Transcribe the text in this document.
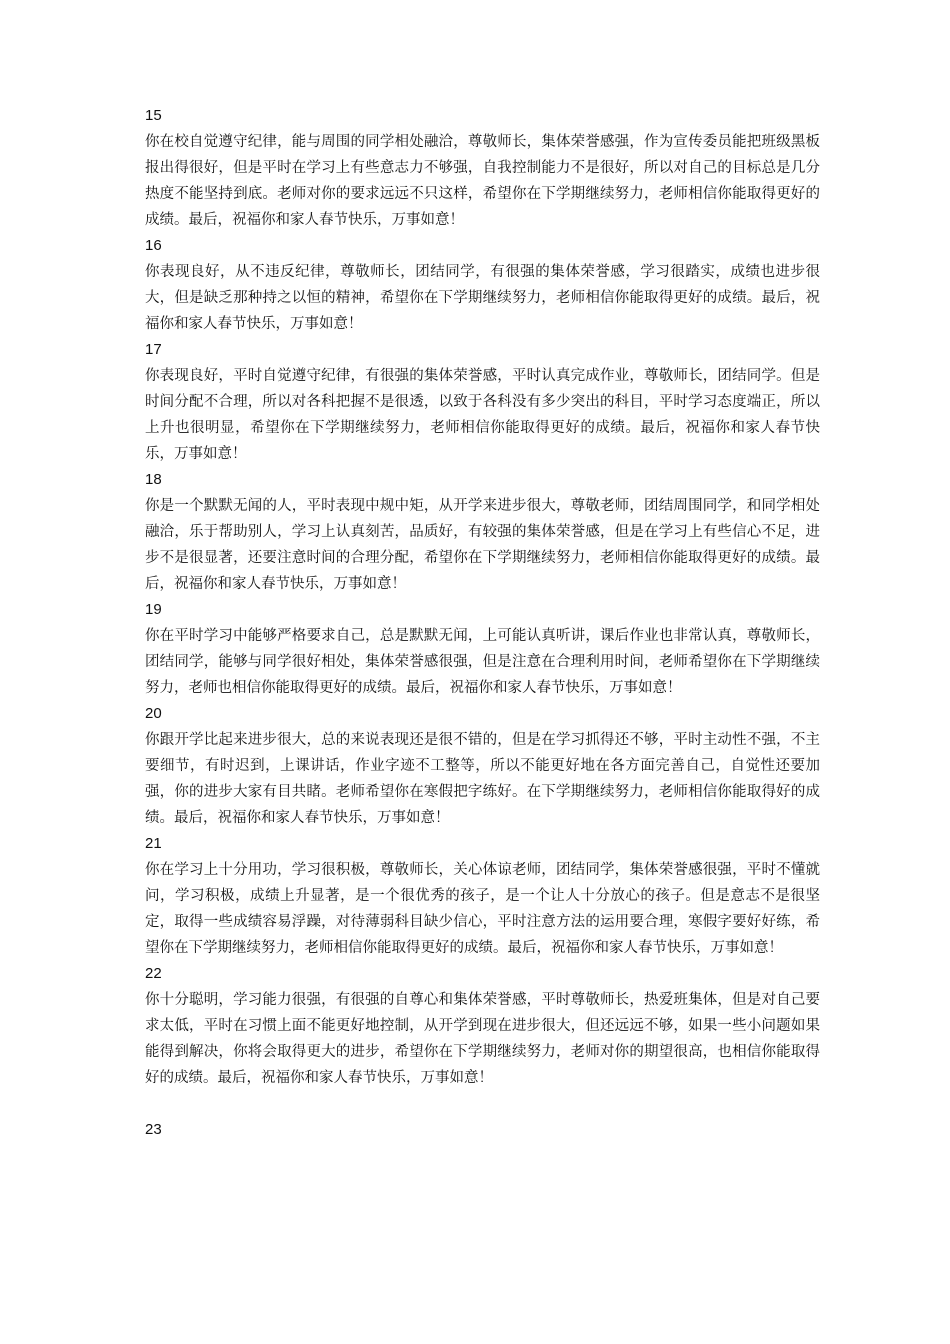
15

你在校自觉遵守纪律，能与周围的同学相处融洽，尊敬师长，集体荣誉感强，作为宣传委员能把班级黑板报出得很好，但是平时在学习上有些意志力不够强，自我控制能力不是很好，所以对自己的目标总是几分热度不能坚持到底。老师对你的要求远远不只这样，希望你在下学期继续努力，老师相信你能取得更好的成绩。最后，祝福你和家人春节快乐，万事如意！

16

你表现良好，从不违反纪律，尊敬师长，团结同学，有很强的集体荣誉感，学习很踏实，成绩也进步很大，但是缺乏那种持之以恒的精神，希望你在下学期继续努力，老师相信你能取得更好的成绩。最后，祝福你和家人春节快乐，万事如意！

17

你表现良好，平时自觉遵守纪律，有很强的集体荣誉感，平时认真完成作业，尊敬师长，团结同学。但是时间分配不合理，所以对各科把握不是很透，以致于各科没有多少突出的科目，平时学习态度端正，所以上升也很明显，希望你在下学期继续努力，老师相信你能取得更好的成绩。最后，祝福你和家人春节快乐，万事如意！

18

你是一个默默无闻的人，平时表现中规中矩，从开学来进步很大，尊敬老师，团结周围同学，和同学相处融洽，乐于帮助别人，学习上认真刻苦，品质好，有较强的集体荣誉感，但是在学习上有些信心不足，进步不是很显著，还要注意时间的合理分配，希望你在下学期继续努力，老师相信你能取得更好的成绩。最后，祝福你和家人春节快乐，万事如意！

19

你在平时学习中能够严格要求自己，总是默默无闻，上可能认真听讲，课后作业也非常认真，尊敬师长，团结同学，能够与同学很好相处，集体荣誉感很强，但是注意在合理利用时间，老师希望你在下学期继续努力，老师也相信你能取得更好的成绩。最后，祝福你和家人春节快乐，万事如意！

20

你跟开学比起来进步很大，总的来说表现还是很不错的，但是在学习抓得还不够，平时主动性不强，不主要细节，有时迟到，上课讲话，作业字迹不工整等，所以不能更好地在各方面完善自己，自觉性还要加强，你的进步大家有目共睹。老师希望你在寒假把字练好。在下学期继续努力，老师相信你能取得好的成绩。最后，祝福你和家人春节快乐，万事如意！

21

你在学习上十分用功，学习很积极，尊敬师长，关心体谅老师，团结同学，集体荣誉感很强，平时不懂就问，学习积极，成绩上升显著，是一个很优秀的孩子，是一个让人十分放心的孩子。但是意志不是很坚定，取得一些成绩容易浮躁，对待薄弱科目缺少信心，平时注意方法的运用要合理，寒假字要好好练，希望你在下学期继续努力，老师相信你能取得更好的成绩。最后，祝福你和家人春节快乐，万事如意！

22

你十分聪明，学习能力很强，有很强的自尊心和集体荣誉感，平时尊敬师长，热爱班集体，但是对自己要求太低，平时在习惯上面不能更好地控制，从开学到现在进步很大，但还远远不够，如果一些小问题如果能得到解决，你将会取得更大的进步，希望你在下学期继续努力，老师对你的期望很高，也相信你能取得好的成绩。最后，祝福你和家人春节快乐，万事如意！

23
